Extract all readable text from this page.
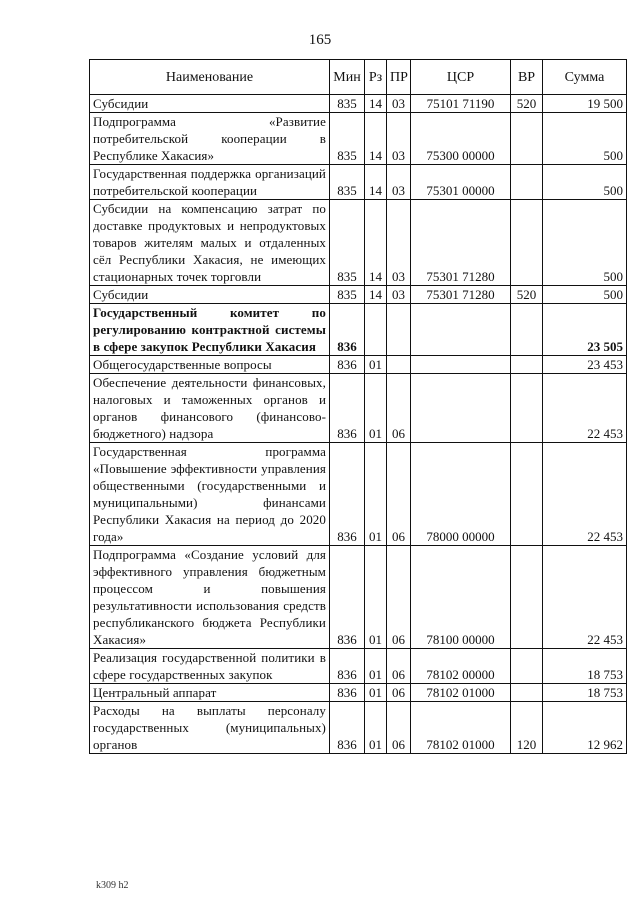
165
Наименование	Мин	Рз	ПР	ЦСР	ВР	Сумма
Субсидии	835	14	03	75101 71190	520	19 500
Подпрограмма «Развитие потребительской кооперации в Республике Хакасия»	835	14	03	75300 00000		500
Государственная поддержка организаций потребительской кооперации	835	14	03	75301 00000		500
Субсидии на компенсацию затрат по доставке продуктовых и непродуктовых товаров жителям малых и отдаленных сёл Республики Хакасия, не имеющих стационарных точек торговли	835	14	03	75301 71280		500
Субсидии	835	14	03	75301 71280	520	500
Государственный комитет по регулированию контрактной системы в сфере закупок Республики Хакасия	836					23 505
Общегосударственные вопросы	836	01				23 453
Обеспечение деятельности финансовых, налоговых и таможенных органов и органов финансового (финансово-бюджетного) надзора	836	01	06			22 453
Государственная программа «Повышение эффективности управления общественными (государственными и муниципальными) финансами Республики Хакасия на период до 2020 года»	836	01	06	78000 00000		22 453
Подпрограмма «Создание условий для эффективного управления бюджетным процессом и повышения результативности использования средств республиканского бюджета Республики Хакасия»	836	01	06	78100 00000		22 453
Реализация государственной политики в сфере государственных закупок	836	01	06	78102 00000		18 753
Центральный аппарат	836	01	06	78102 01000		18 753
Расходы на выплаты персоналу государственных (муниципальных) органов	836	01	06	78102 01000	120	12 962
k309 h2
